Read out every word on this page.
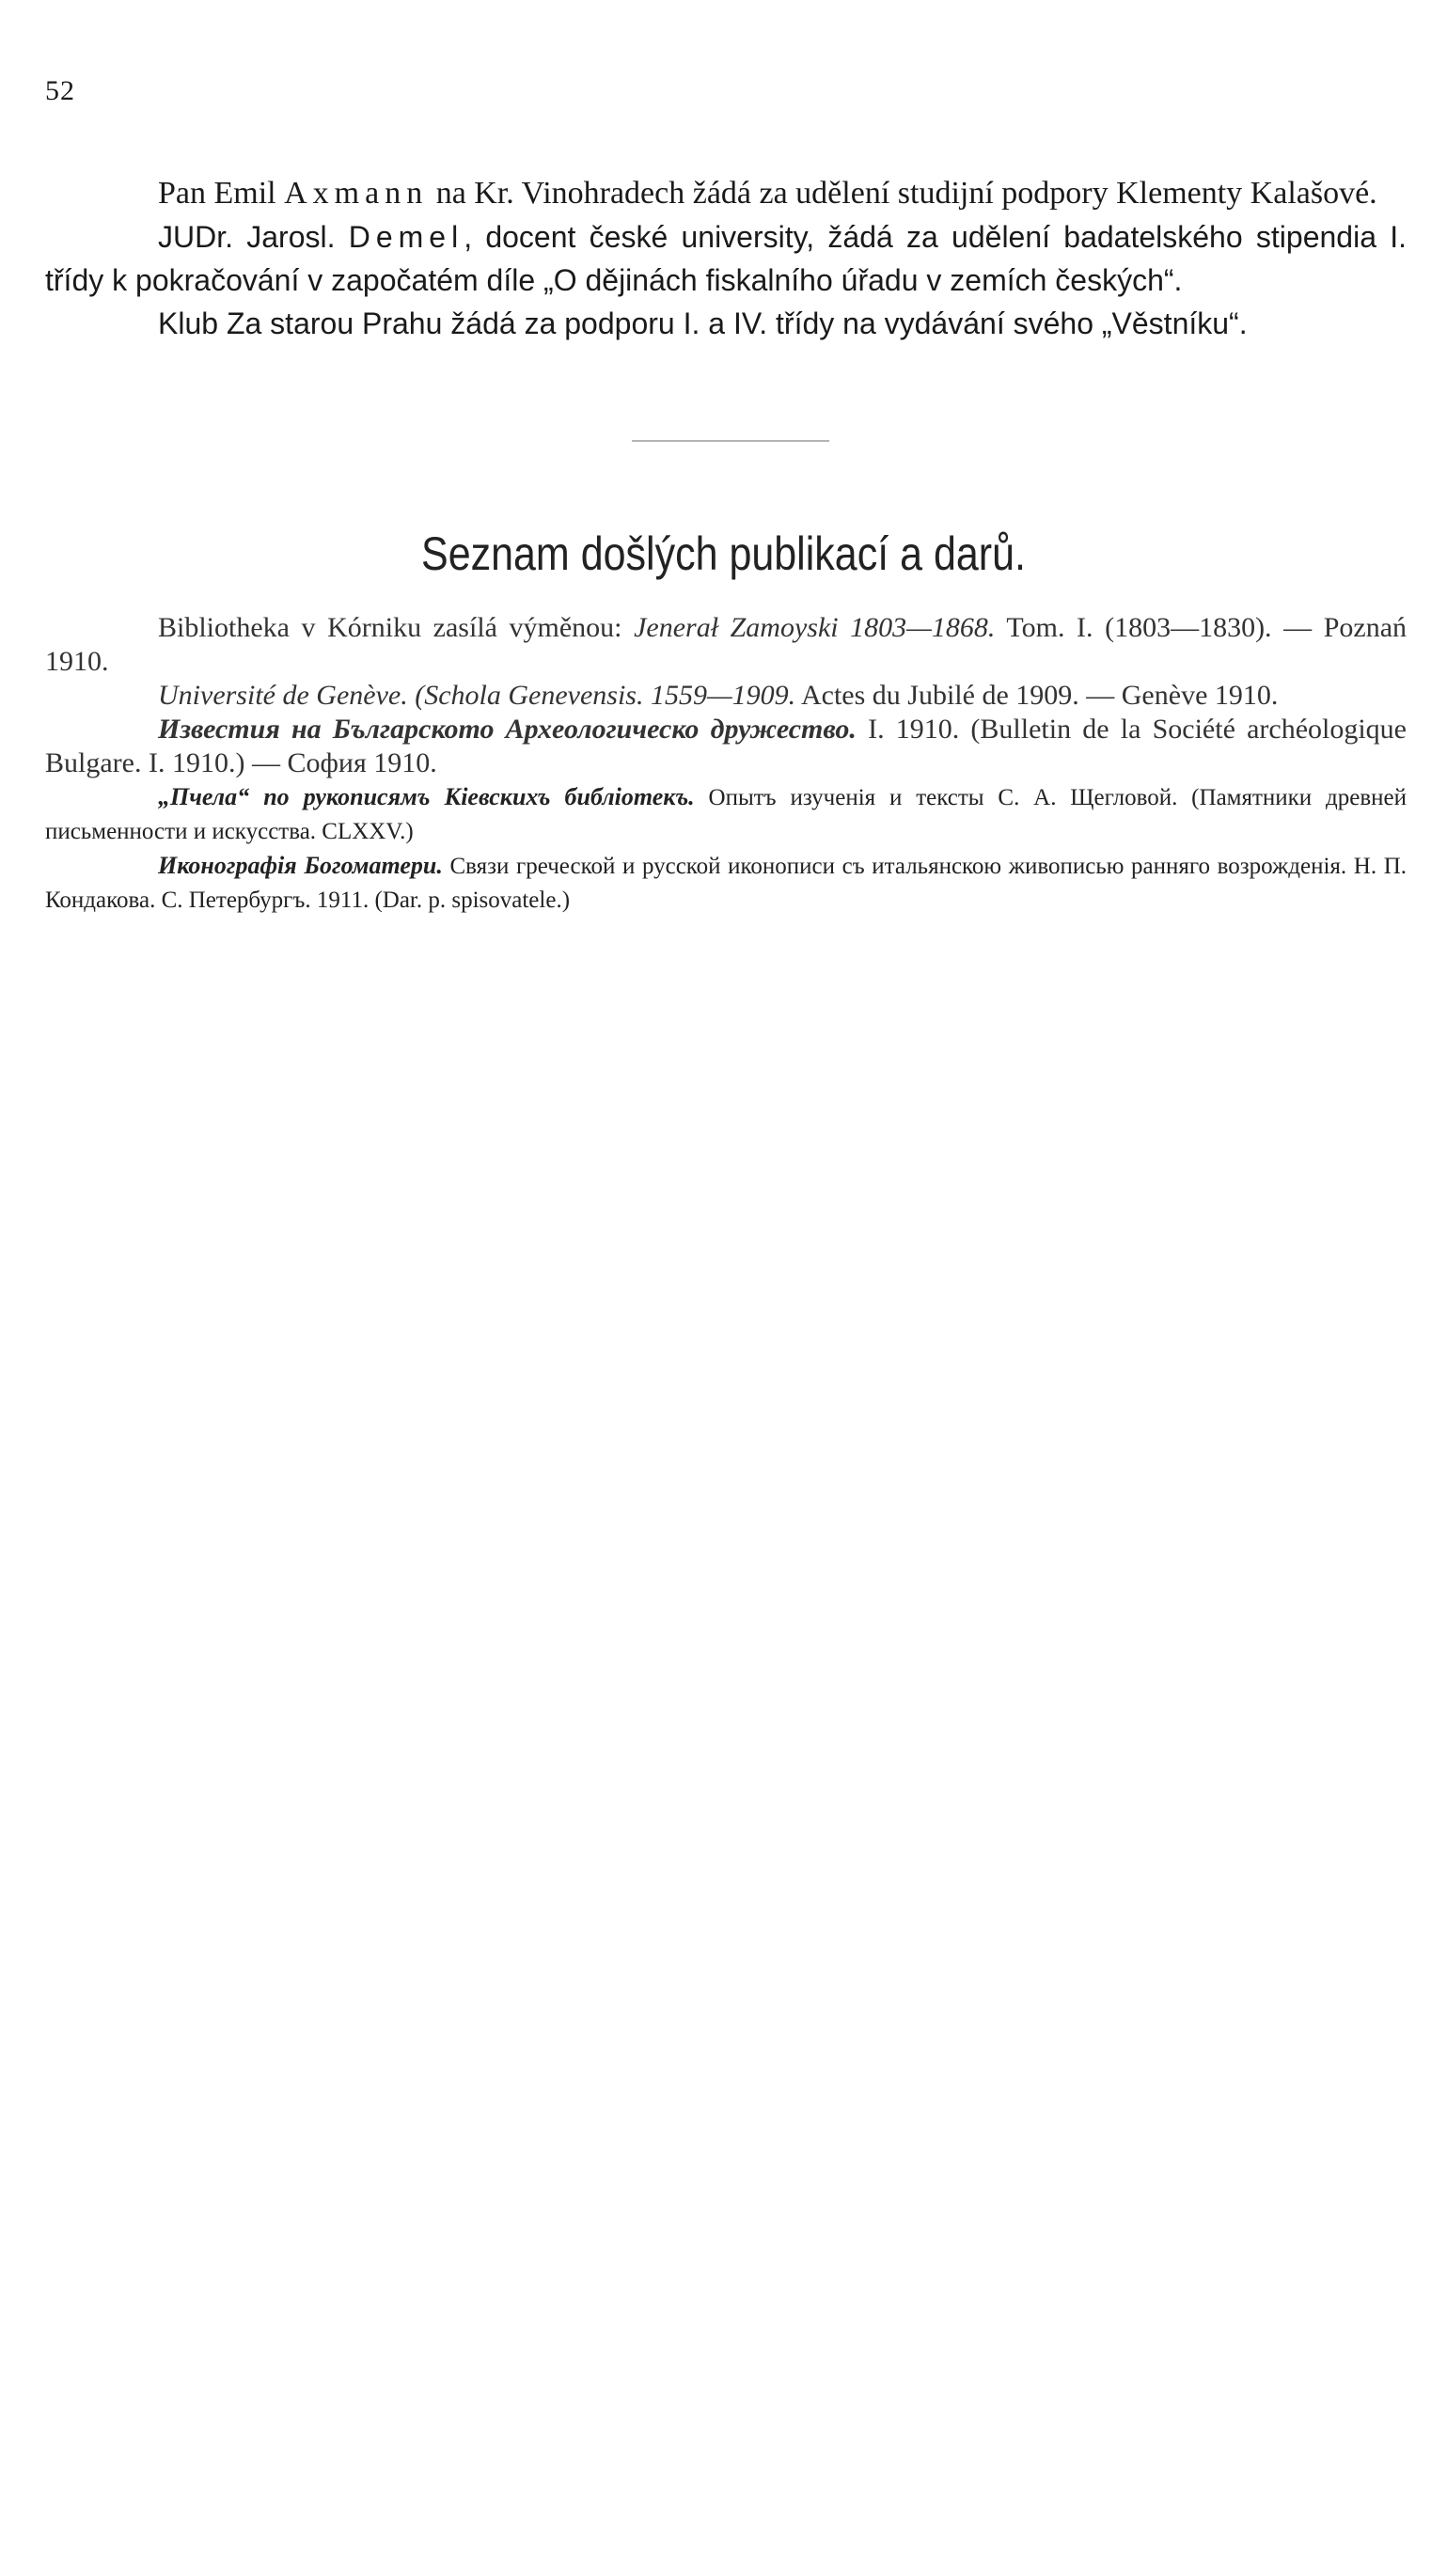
52

Pan Emil Axmann na Kr. Vinohradech žádá za udělení studijní podpory Klementy Kalašové.

JUDr. Jarosl. Demel, docent české university, žádá za udělení badatelského stipendia I. třídy k pokračování v započatém díle „O dějinách fiskalního úřadu v zemích českých“.

Klub Za starou Prahu žádá za podporu I. a IV. třídy na vydávání svého „Věstníku“.

Seznam došlých publikací a darů.

Bibliotheka v Kórniku zasílá výměnou: Jenerał Zamoyski 1803—1868. Tom. I. (1803—1830). — Poznań 1910.

Université de Genève. (Schola Genevensis. 1559—1909. Actes du Jubilé de 1909. — Genève 1910.

Известия на Българското Археологическо дружество. I. 1910. (Bulletin de la Société archéologique Bulgare. I. 1910.) — София 1910.

„Пчела“ по рукописямъ Кіевскихъ библіотекъ. Опытъ изученія и тексты С. А. Щегловой. (Памятники древней письменности и искусства. CLXXV.)

Иконографія Богоматери. Связи греческой и русской иконописи съ итальянскою живописью ранняго возрожденія. Н. П. Кондакова. С. Петербургъ. 1911. (Dar. p. spisovatele.)
